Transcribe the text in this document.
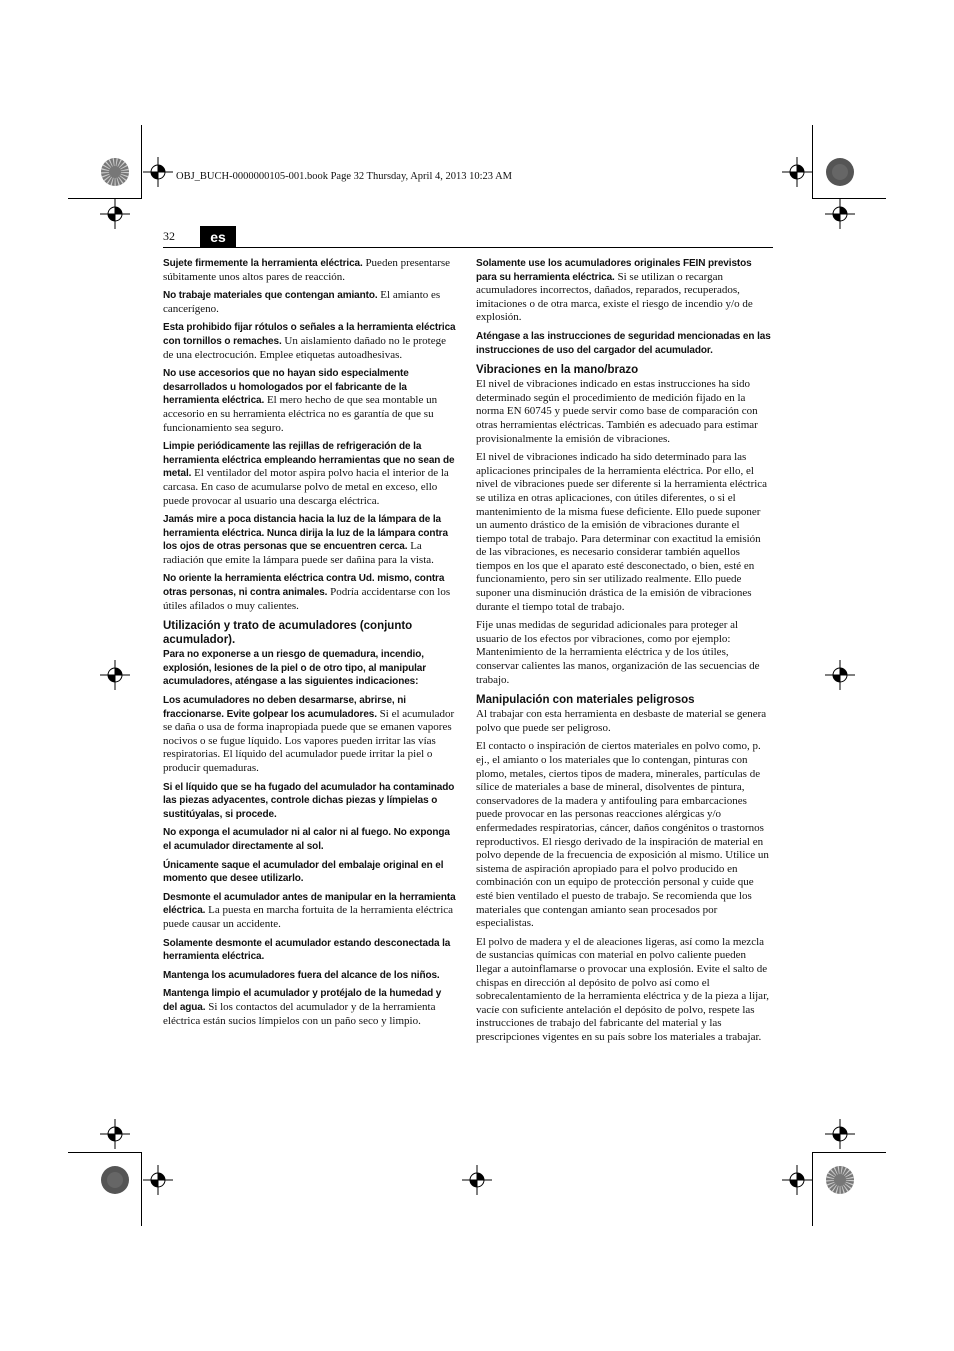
OBJ_BUCH-0000000105-001.book Page 32 Thursday, April 4, 2013 10:23 AM
32	es

Sujete firmemente la herramienta eléctrica. Pueden presentarse súbitamente unos altos pares de reacción.

No trabaje materiales que contengan amianto. El amianto es cancerígeno.

Esta prohibido fijar rótulos o señales a la herramienta eléctrica con tornillos o remaches. Un aislamiento dañado no le protege de una electrocución. Emplee etiquetas autoadhesivas.

No use accesorios que no hayan sido especialmente desarrollados u homologados por el fabricante de la herramienta eléctrica. El mero hecho de que sea montable un accesorio en su herramienta eléctrica no es garantía de que su funcionamiento sea seguro.

Limpie periódicamente las rejillas de refrigeración de la herramienta eléctrica empleando herramientas que no sean de metal. El ventilador del motor aspira polvo hacia el interior de la carcasa. En caso de acumularse polvo de metal en exceso, ello puede provocar al usuario una descarga eléctrica.

Jamás mire a poca distancia hacia la luz de la lámpara de la herramienta eléctrica. Nunca dirija la luz de la lámpara contra los ojos de otras personas que se encuentren cerca. La radiación que emite la lámpara puede ser dañina para la vista.

No oriente la herramienta eléctrica contra Ud. mismo, contra otras personas, ni contra animales. Podría accidentarse con los útiles afilados o muy calientes.

Utilización y trato de acumuladores (conjunto acumulador).

Para no exponerse a un riesgo de quemadura, incendio, explosión, lesiones de la piel o de otro tipo, al manipular acumuladores, aténgase a las siguientes indicaciones:

Los acumuladores no deben desarmarse, abrirse, ni fraccionarse. Evite golpear los acumuladores. Si el acumulador se daña o usa de forma inapropiada puede que se emanen vapores nocivos o se fugue líquido. Los vapores pueden irritar las vías respiratorias. El líquido del acumulador puede irritar la piel o producir quemaduras.

Si el líquido que se ha fugado del acumulador ha contaminado las piezas adyacentes, controle dichas piezas y límpielas o sustitúyalas, si procede.

No exponga el acumulador ni al calor ni al fuego. No exponga el acumulador directamente al sol.

Únicamente saque el acumulador del embalaje original en el momento que desee utilizarlo.

Desmonte el acumulador antes de manipular en la herramienta eléctrica. La puesta en marcha fortuita de la herramienta eléctrica puede causar un accidente.

Solamente desmonte el acumulador estando desconectada la herramienta eléctrica.

Mantenga los acumuladores fuera del alcance de los niños.

Mantenga limpio el acumulador y protéjalo de la humedad y del agua. Si los contactos del acumulador y de la herramienta eléctrica están sucios límpielos con un paño seco y limpio.

Solamente use los acumuladores originales FEIN previstos para su herramienta eléctrica. Si se utilizan o recargan acumuladores incorrectos, dañados, reparados, recuperados, imitaciones o de otra marca, existe el riesgo de incendio y/o de explosión.

Aténgase a las instrucciones de seguridad mencionadas en las instrucciones de uso del cargador del acumulador.

Vibraciones en la mano/brazo

El nivel de vibraciones indicado en estas instrucciones ha sido determinado según el procedimiento de medición fijado en la norma EN 60745 y puede servir como base de comparación con otras herramientas eléctricas. También es adecuado para estimar provisionalmente la emisión de vibraciones.

El nivel de vibraciones indicado ha sido determinado para las aplicaciones principales de la herramienta eléctrica. Por ello, el nivel de vibraciones puede ser diferente si la herramienta eléctrica se utiliza en otras aplicaciones, con útiles diferentes, o si el mantenimiento de la misma fuese deficiente. Ello puede suponer un aumento drástico de la emisión de vibraciones durante el tiempo total de trabajo. Para determinar con exactitud la emisión de las vibraciones, es necesario considerar también aquellos tiempos en los que el aparato esté desconectado, o bien, esté en funcionamiento, pero sin ser utilizado realmente. Ello puede suponer una disminución drástica de la emisión de vibraciones durante el tiempo total de trabajo.

Fije unas medidas de seguridad adicionales para proteger al usuario de los efectos por vibraciones, como por ejemplo: Mantenimiento de la herramienta eléctrica y de los útiles, conservar calientes las manos, organización de las secuencias de trabajo.

Manipulación con materiales peligrosos

Al trabajar con esta herramienta en desbaste de material se genera polvo que puede ser peligroso.

El contacto o inspiración de ciertos materiales en polvo como, p. ej., el amianto o los materiales que lo contengan, pinturas con plomo, metales, ciertos tipos de madera, minerales, partículas de sílice de materiales a base de mineral, disolventes de pintura, conservadores de la madera y antifouling para embarcaciones puede provocar en las personas reacciones alérgicas y/o enfermedades respiratorias, cáncer, daños congénitos o trastornos reproductivos. El riesgo derivado de la inspiración de material en polvo depende de la frecuencia de exposición al mismo. Utilice un sistema de aspiración apropiado para el polvo producido en combinación con un equipo de protección personal y cuide que esté bien ventilado el puesto de trabajo. Se recomienda que los materiales que contengan amianto sean procesados por especialistas.

El polvo de madera y el de aleaciones ligeras, así como la mezcla de sustancias químicas con material en polvo caliente pueden llegar a autoinflamarse o provocar una explosión. Evite el salto de chispas en dirección al depósito de polvo así como el sobrecalentamiento de la herramienta eléctrica y de la pieza a lijar, vacíe con suficiente antelación el depósito de polvo, respete las instrucciones de trabajo del fabricante del material y las prescripciones vigentes en su país sobre los materiales a trabajar.
